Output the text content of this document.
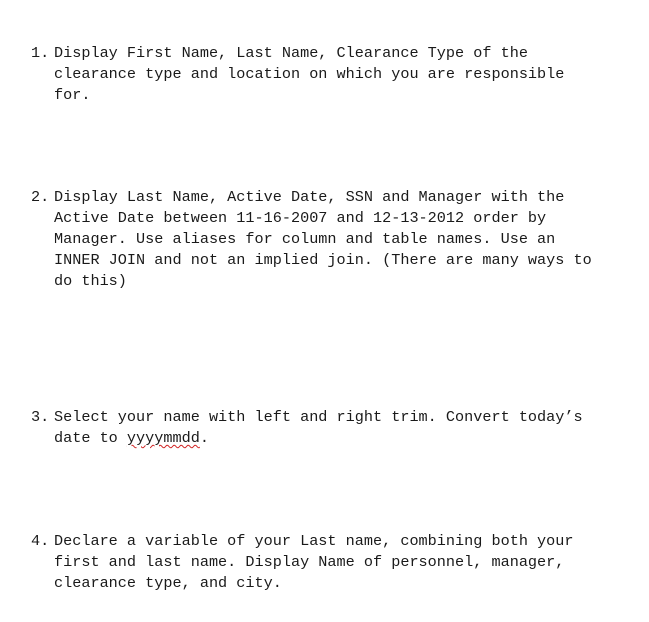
1. Display First Name, Last Name, Clearance Type of the
clearance type and location on which you are responsible
for.
2. Display Last Name, Active Date, SSN and Manager with the
Active Date between 11-16-2007 and 12-13-2012 order by
Manager. Use aliases for column and table names. Use an
INNER JOIN and not an implied join. (There are many ways to
do this)
3. Select your name with left and right trim. Convert today’s
date to yyyymmdd.
4. Declare a variable of your Last name, combining both your
first and last name. Display Name of personnel, manager,
clearance type, and city.
